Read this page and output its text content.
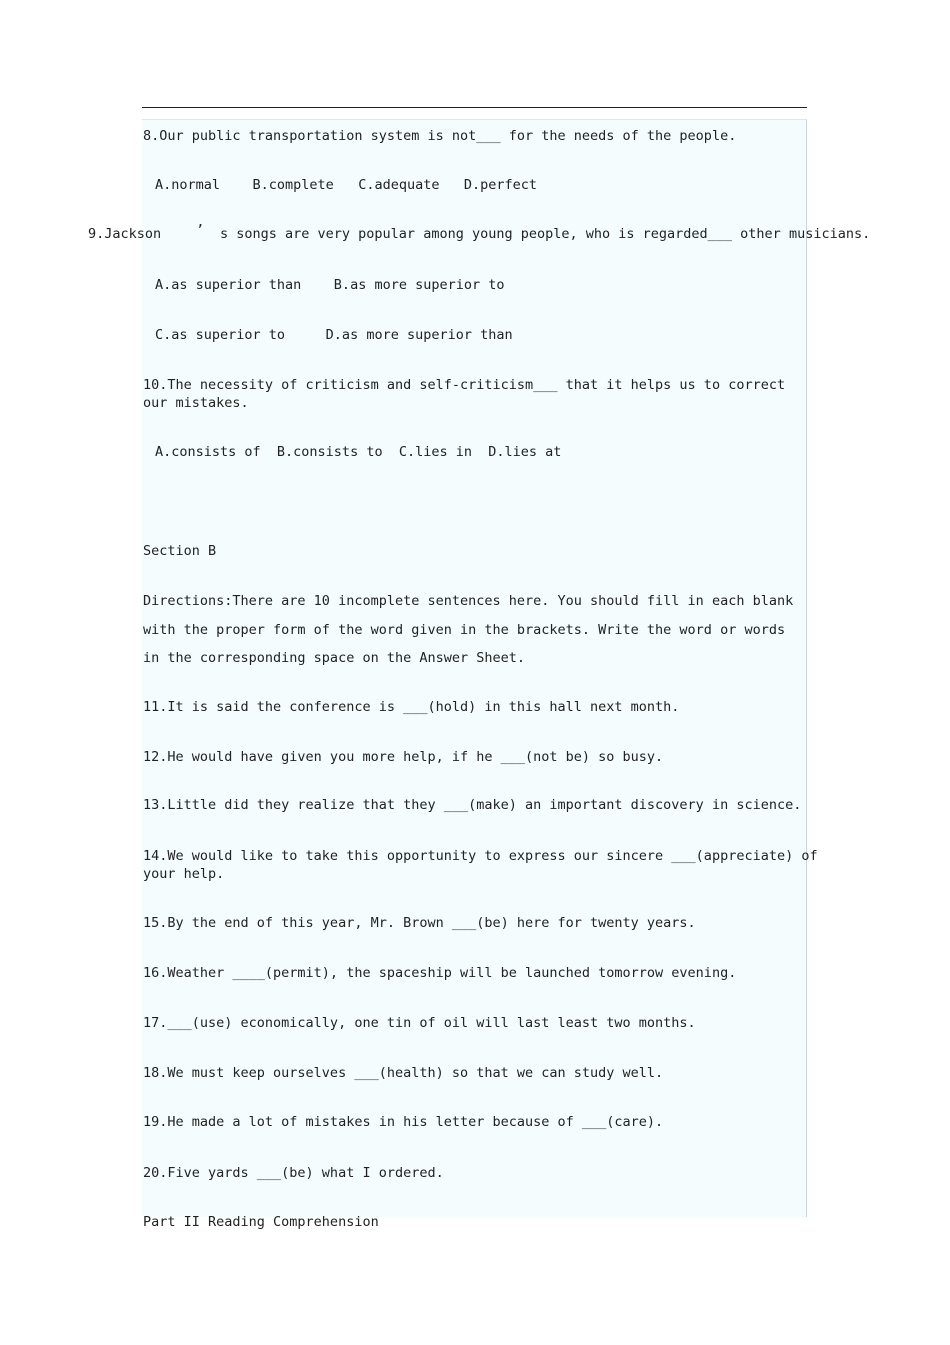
8.Our public transportation system is not___ for the needs of the people.
A.normal    B.complete   C.adequate   D.perfect
9.Jackson	’ s songs are very popular among young people, who is regarded___ other musicians.
A.as superior than    B.as more superior to
C.as superior to     D.as more superior than
10.The necessity of criticism and self-criticism___ that it helps us to correct our mistakes.
A.consists of  B.consists to  C.lies in  D.lies at
Section B
Directions:There are 10 incomplete sentences here. You should fill in each blank
with the proper form of the word given in the brackets. Write the word or words
in the corresponding space on the Answer Sheet.
11.It is said the conference is ___(hold) in this hall next month.
12.He would have given you more help, if he ___(not be) so busy.
13.Little did they realize that they ___(make) an important discovery in science.
14.We would like to take this opportunity to express our sincere ___(appreciate) of your help.
15.By the end of this year, Mr. Brown ___(be) here for twenty years.
16.Weather ____(permit), the spaceship will be launched tomorrow evening.
17.___(use) economically, one tin of oil will last least two months.
18.We must keep ourselves ___(health) so that we can study well.
19.He made a lot of mistakes in his letter because of ___(care).
20.Five yards ___(be) what I ordered.
Part II Reading Comprehension
